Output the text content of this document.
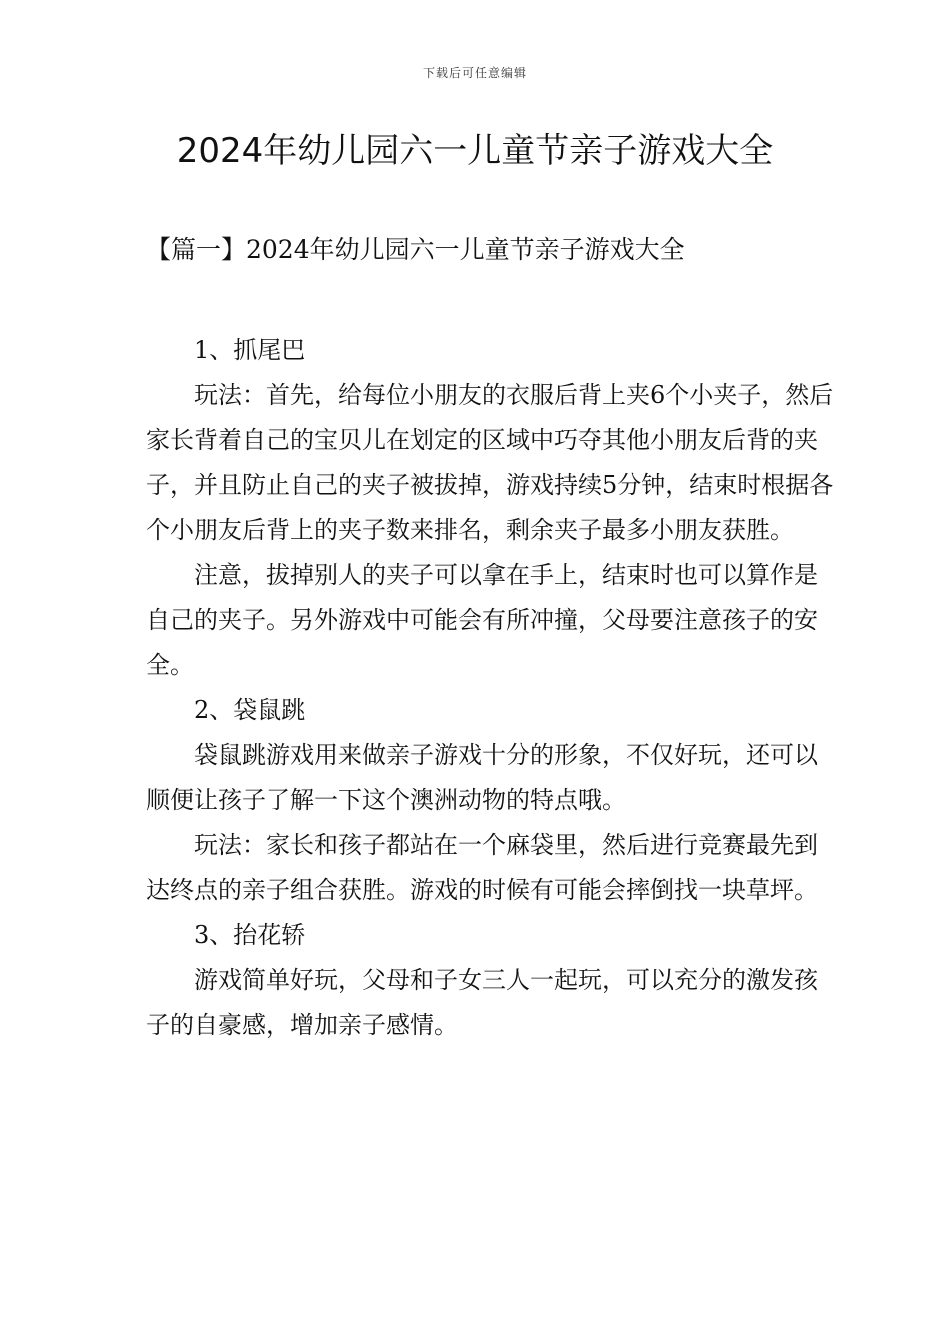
下载后可任意编辑
2024年幼儿园六一儿童节亲子游戏大全
【篇一】2024年幼儿园六一儿童节亲子游戏大全

1、抓尾巴

玩法：首先，给每位小朋友的衣服后背上夹6个小夹子，然后家长背着自己的宝贝儿在划定的区域中巧夺其他小朋友后背的夹子，并且防止自己的夹子被拔掉，游戏持续5分钟，结束时根据各个小朋友后背上的夹子数来排名，剩余夹子最多小朋友获胜。

注意，拔掉别人的夹子可以拿在手上，结束时也可以算作是自己的夹子。另外游戏中可能会有所冲撞，父母要注意孩子的安全。

2、袋鼠跳

袋鼠跳游戏用来做亲子游戏十分的形象，不仅好玩，还可以顺便让孩子了解一下这个澳洲动物的特点哦。

玩法：家长和孩子都站在一个麻袋里，然后进行竞赛最先到达终点的亲子组合获胜。游戏的时候有可能会摔倒找一块草坪。

3、抬花轿

游戏简单好玩，父母和子女三人一起玩，可以充分的激发孩子的自豪感，增加亲子感情。
